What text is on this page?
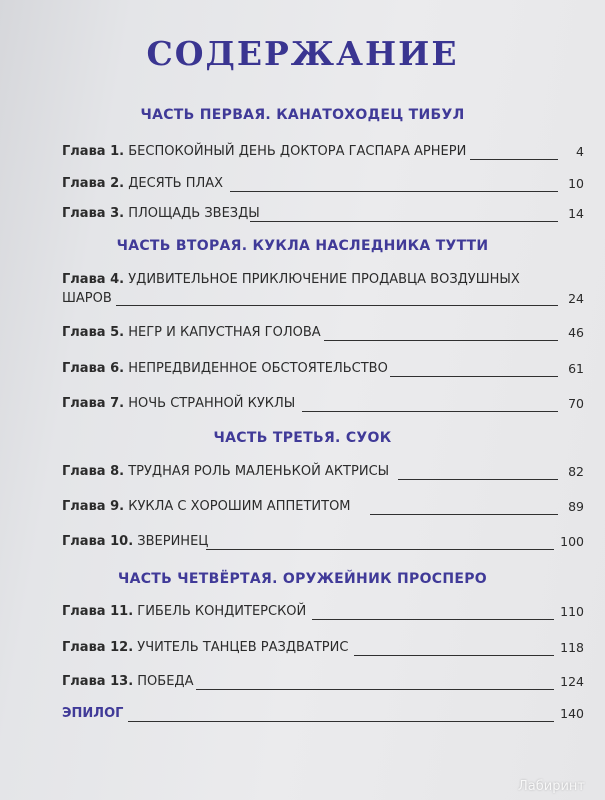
СОДЕРЖАНИЕ
ЧАСТЬ ПЕРВАЯ. КАНАТОХОДЕЦ ТИБУЛ
Глава 1. БЕСПОКОЙНЫЙ ДЕНЬ ДОКТОРА ГАСПАРА АРНЕРИ	4
Глава 2. ДЕСЯТЬ ПЛАХ	10
Глава 3. ПЛОЩАДЬ ЗВЕЗДЫ	14
ЧАСТЬ ВТОРАЯ. КУКЛА НАСЛЕДНИКА ТУТТИ
Глава 4. УДИВИТЕЛЬНОЕ ПРИКЛЮЧЕНИЕ ПРОДАВЦА ВОЗДУШНЫХ
ШАРОВ	24
Глава 5. НЕГР И КАПУСТНАЯ ГОЛОВА	46
Глава 6. НЕПРЕДВИДЕННОЕ ОБСТОЯТЕЛЬСТВО	61
Глава 7. НОЧЬ СТРАННОЙ КУКЛЫ	70
ЧАСТЬ ТРЕТЬЯ. СУОК
Глава 8. ТРУДНАЯ РОЛЬ МАЛЕНЬКОЙ АКТРИСЫ	82
Глава 9. КУКЛА С ХОРОШИМ АППЕТИТОМ	89
Глава 10. ЗВЕРИНЕЦ	100
ЧАСТЬ ЧЕТВЁРТАЯ. ОРУЖЕЙНИК ПРОСПЕРО
Глава 11. ГИБЕЛЬ КОНДИТЕРСКОЙ	110
Глава 12. УЧИТЕЛЬ ТАНЦЕВ РАЗДВАТРИС	118
Глава 13. ПОБЕДА	124
ЭПИЛОГ	140
Лабиринт
